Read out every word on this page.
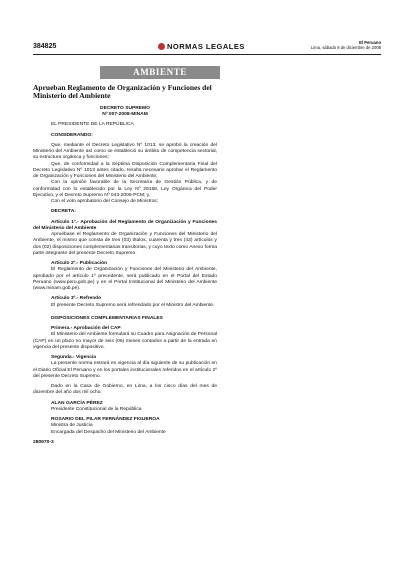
384825	NORMAS LEGALES	El Peruano
Lima, sábado 8 de diciembre de 2008
AMBIENTE

Aprueban Reglamento de Organización y Funciones del Ministerio del Ambiente

DECRETO SUPREMO

Nº 007-2008-MINAM

EL PRESIDENTE DE LA REPÚBLICA

CONSIDERANDO:

Que, mediante el Decreto Legislativo Nº 1013, se aprobó la creación del Ministerio del Ambiente así como se estableció su ámbito de competencia sectorial, su estructura orgánica y funciones;

Que, de conformidad a la Séptima Disposición Complementaria Final del Decreto Legislativo Nº 1013 antes citado, resulta necesario aprobar el Reglamento de Organización y Funciones del Ministerio del Ambiente;

Con la opinión favorable de la Secretaría de Gestión Pública, y de conformidad con lo establecido por la Ley Nº 29158, Ley Orgánica del Poder Ejecutivo, y el Decreto Supremo Nº 043-2006-PCM; y,

Con el voto aprobatorio del Consejo de Ministros;

DECRETA:

Artículo 1º.- Aprobación del Reglamento de Organización y Funciones del Ministerio del Ambiente

Apruébase el Reglamento de Organización y Funciones del Ministerio del Ambiente, el mismo que consta de tres (03) títulos, cuarenta y tres (43) artículos y dos (02) disposiciones complementarias transitorias, y cuyo texto como Anexo forma parte integrante del presente Decreto Supremo.

Artículo 2º.- Publicación

El Reglamento de Organización y Funciones del Ministerio del Ambiente, aprobado por el artículo 1º precedente, será publicado en el Portal del Estado Peruano (www.peru.gob.pe) y en el Portal Institucional del Ministerio del Ambiente (www.minam.gob.pe).

Artículo 3º.- Refrendo

El presente Decreto Supremo será refrendado por el Ministro del Ambiente.

DISPOSICIONES COMPLEMENTARIAS FINALES

Primera.- Aprobación del CAP

El Ministerio del Ambiente formulará su Cuadro para Asignación de Personal (CAP) en un plazo no mayor de seis (06) meses contados a partir de la entrada en vigencia del presente dispositivo.

Segunda.- Vigencia

La presente norma entrará en vigencia al día siguiente de su publicación en el Diario Oficial El Peruano y en los portales institucionales referidos en el artículo 2º del presente Decreto Supremo.

Dado en la Casa de Gobierno, en Lima, a los cinco días del mes de diciembre del año dos mil ocho.

ALAN GARCÍA PÉREZ

Presidente Constitucional de la República

ROSARIO DEL PILAR FERNÁNDEZ FIGUEROA

Ministra de Justicia

Encargada del Despacho del Ministerio del Ambiente

280970-3
